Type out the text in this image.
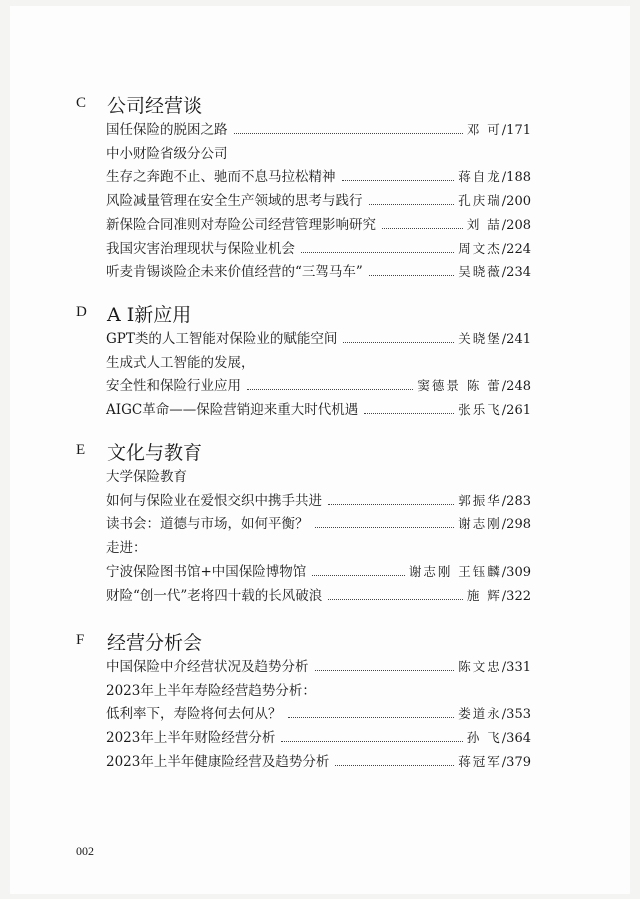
C 公司经营谈
国任保险的脱困之路	邓 可 /171
中小财险省级分公司
生存之奔跑不止、驰而不息马拉松精神	蒋自龙 /188
风险减量管理在安全生产领域的思考与践行	孔庆瑞 /200
新保险合同准则对寿险公司经营管理影响研究	刘 喆 /208
我国灾害治理现状与保险业机会	周文杰 /224
听麦肯锡谈险企未来价值经营的“三驾马车”	吴晓薇 /234
D A I新应用
GPT类的人工智能对保险业的赋能空间	关晓堡 /241
生成式人工智能的发展，
安全性和保险行业应用	窦德景 陈 蕾 /248
AIGC革命——保险营销迎来重大时代机遇	张乐飞 /261
E 文化与教育
大学保险教育
如何与保险业在爱恨交织中携手共进	郭振华 /283
读书会：道德与市场，如何平衡？	谢志刚 /298
走进：
宁波保险图书馆+中国保险博物馆	谢志刚 王钰麟 /309
财险“创一代”老将四十载的长风破浪	施 辉 /322
F 经营分析会
中国保险中介经营状况及趋势分析	陈文忠 /331
2023年上半年寿险经营趋势分析：
低利率下，寿险将何去何从？	娄道永 /353
2023年上半年财险经营分析	孙 飞 /364
2023年上半年健康险经营及趋势分析	蒋冠军 /379
002
